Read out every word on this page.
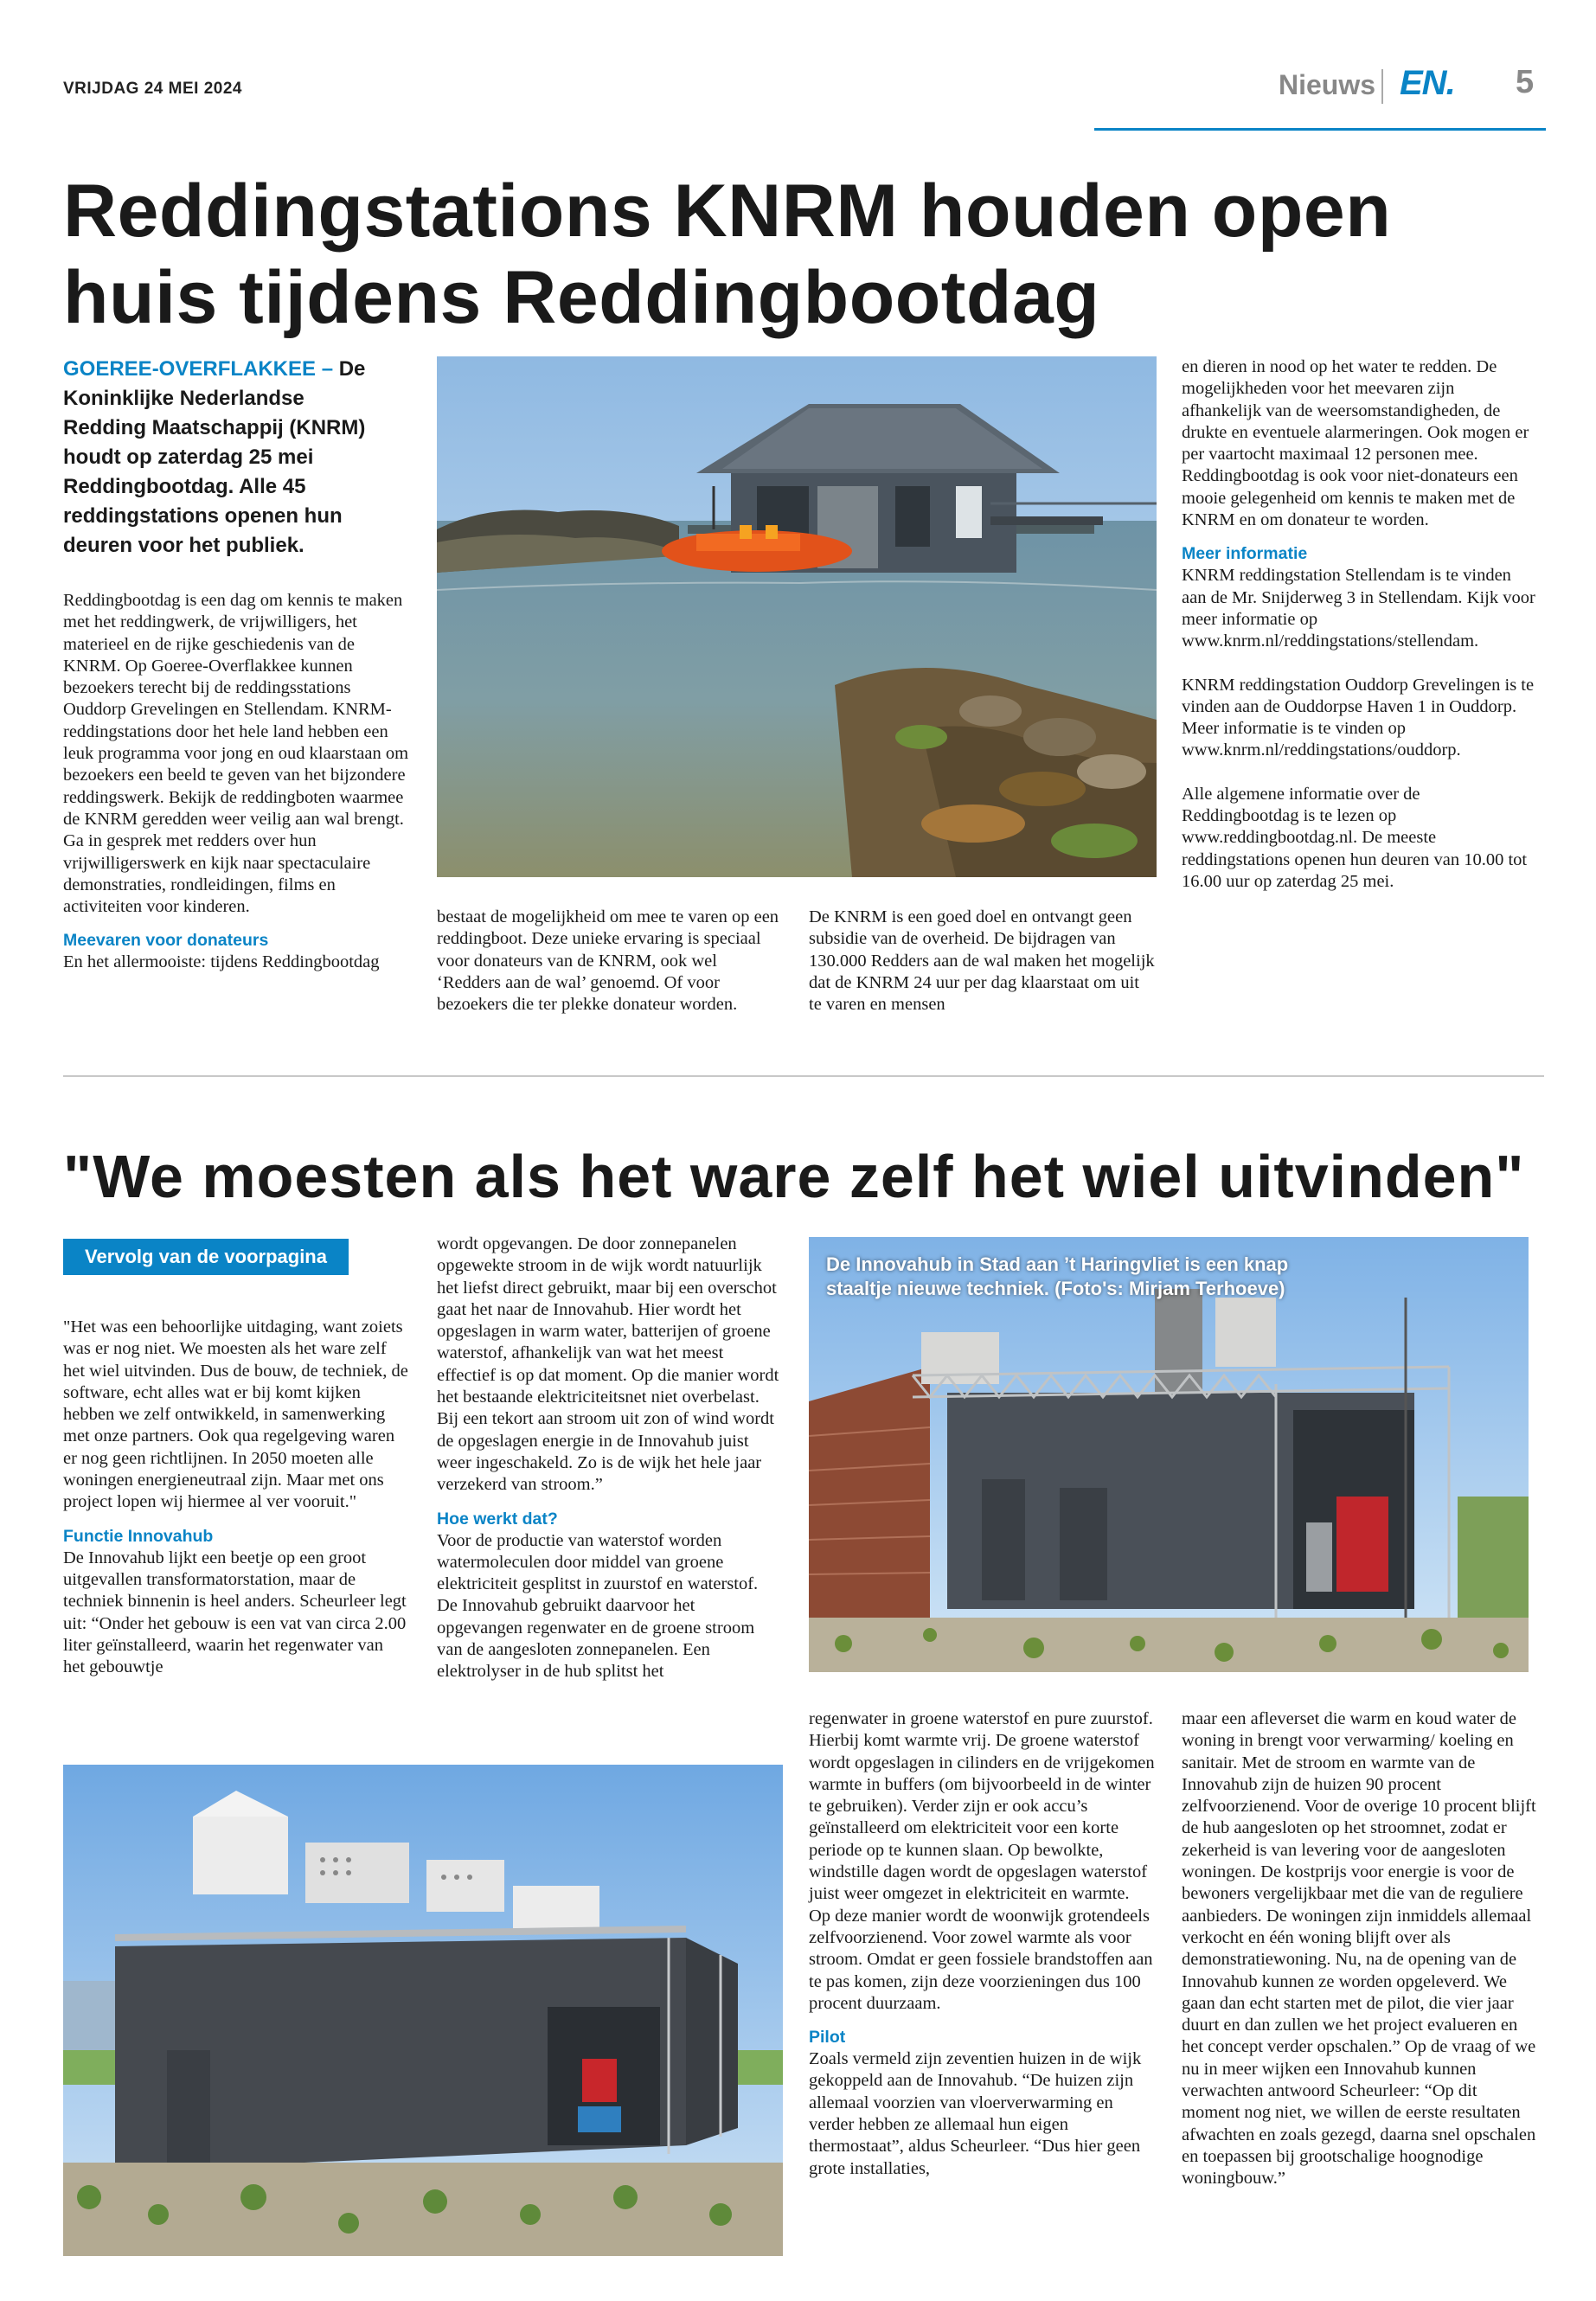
VRIJDAG 24 MEI 2024	Nieuws EN. 5
Reddingstations KNRM houden open huis tijdens Reddingbootdag
GOEREE-OVERFLAKKEE – De Koninklijke Nederlandse Redding Maatschappij (KNRM) houdt op zaterdag 25 mei Reddingbootdag. Alle 45 reddingstations openen hun deuren voor het publiek.

Reddingbootdag is een dag om kennis te maken met het reddingwerk, de vrijwilligers, het materieel en de rijke geschiedenis van de KNRM. Op Goeree-Overflakkee kunnen bezoekers terecht bij de reddingsstations Ouddorp Grevelingen en Stellendam. KNRM-reddingstations door het hele land hebben een leuk programma voor jong en oud klaarstaan om bezoekers een beeld te geven van het bijzondere reddingswerk. Bekijk de reddingboten waarmee de KNRM geredden weer veilig aan wal brengt. Ga in gesprek met redders over hun vrijwilligerswerk en kijk naar spectaculaire demonstraties, rondleidingen, films en activiteiten voor kinderen.

Meevaren voor donateurs

En het allermooiste: tijdens Reddingbootdag

bestaat de mogelijkheid om mee te varen op een reddingboot. Deze unieke ervaring is speciaal voor donateurs van de KNRM, ook wel ‘Redders aan de wal’ genoemd. Of voor bezoekers die ter plekke donateur worden.

De KNRM is een goed doel en ontvangt geen subsidie van de overheid. De bijdragen van 130.000 Redders aan de wal maken het mogelijk dat de KNRM 24 uur per dag klaarstaat om uit te varen en mensen

en dieren in nood op het water te redden. De mogelijkheden voor het meevaren zijn afhankelijk van de weersomstandigheden, de drukte en eventuele alarmeringen. Ook mogen er per vaartocht maximaal 12 personen mee. Reddingbootdag is ook voor niet-donateurs een mooie gelegenheid om kennis te maken met de KNRM en om donateur te worden.

Meer informatie

KNRM reddingstation Stellendam is te vinden aan de Mr. Snijderweg 3 in Stellendam. Kijk voor meer informatie op www.knrm.nl/reddingstations/stellendam.

KNRM reddingstation Ouddorp Grevelingen is te vinden aan de Ouddorpse Haven 1 in Ouddorp. Meer informatie is te vinden op www.knrm.nl/reddingstations/ouddorp.

Alle algemene informatie over de Reddingbootdag is te lezen op www.reddingbootdag.nl. De meeste reddingstations openen hun deuren van 10.00 tot 16.00 uur op zaterdag 25 mei.

"We moesten als het ware zelf het wiel uitvinden"
Vervolg van de voorpagina

"Het was een behoorlijke uitdaging, want zoiets was er nog niet. We moesten als het ware zelf het wiel uitvinden. Dus de bouw, de techniek, de software, echt alles wat er bij komt kijken hebben we zelf ontwikkeld, in samenwerking met onze partners. Ook qua regelgeving waren er nog geen richtlijnen. In 2050 moeten alle woningen energieneutraal zijn. Maar met ons project lopen wij hiermee al ver vooruit."

Functie Innovahub

De Innovahub lijkt een beetje op een groot uitgevallen transformatorstation, maar de techniek binnenin is heel anders. Scheurleer legt uit: “Onder het gebouw is een vat van circa 2.00 liter geïnstalleerd, waarin het regenwater van het gebouwtje

wordt opgevangen. De door zonnepanelen opgewekte stroom in de wijk wordt natuurlijk het liefst direct gebruikt, maar bij een overschot gaat het naar de Innovahub. Hier wordt het opgeslagen in warm water, batterijen of groene waterstof, afhankelijk van wat het meest effectief is op dat moment. Op die manier wordt het bestaande elektriciteitsnet niet overbelast. Bij een tekort aan stroom uit zon of wind wordt de opgeslagen energie in de Innovahub juist weer ingeschakeld. Zo is de wijk het hele jaar verzekerd van stroom.”

Hoe werkt dat?

Voor de productie van waterstof worden watermoleculen door middel van groene elektriciteit gesplitst in zuurstof en waterstof. De Innovahub gebruikt daarvoor het opgevangen regenwater en de groene stroom van de aangesloten zonnepanelen. Een elektrolyser in de hub splitst het

De Innovahub in Stad aan ’t Haringvliet is een knap staaltje nieuwe techniek. (Foto's: Mirjam Terhoeve)

regenwater in groene waterstof en pure zuurstof. Hierbij komt warmte vrij. De groene waterstof wordt opgeslagen in cilinders en de vrijgekomen warmte in buffers (om bijvoorbeeld in de winter te gebruiken). Verder zijn er ook accu’s geïnstalleerd om elektriciteit voor een korte periode op te kunnen slaan. Op bewolkte, windstille dagen wordt de opgeslagen waterstof juist weer omgezet in elektriciteit en warmte. Op deze manier wordt de woonwijk grotendeels zelfvoorzienend. Voor zowel warmte als voor stroom. Omdat er geen fossiele brandstoffen aan te pas komen, zijn deze voorzieningen dus 100 procent duurzaam.

Pilot

Zoals vermeld zijn zeventien huizen in de wijk gekoppeld aan de Innovahub. “De huizen zijn allemaal voorzien van vloerverwarming en verder hebben ze allemaal hun eigen thermostaat”, aldus Scheurleer. “Dus hier geen grote installaties,

maar een afleverset die warm en koud water de woning in brengt voor verwarming/ koeling en sanitair. Met de stroom en warmte van de Innovahub zijn de huizen 90 procent zelfvoorzienend. Voor de overige 10 procent blijft de hub aangesloten op het stroomnet, zodat er zekerheid is van levering voor de aangesloten woningen. De kostprijs voor energie is voor de bewoners vergelijkbaar met die van de reguliere aanbieders. De woningen zijn inmiddels allemaal verkocht en één woning blijft over als demonstratiewoning. Nu, na de opening van de Innovahub kunnen ze worden opgeleverd. We gaan dan echt starten met de pilot, die vier jaar duurt en dan zullen we het project evalueren en het concept verder opschalen.” Op de vraag of we nu in meer wijken een Innovahub kunnen verwachten antwoord Scheurleer: “Op dit moment nog niet, we willen de eerste resultaten afwachten en zoals gezegd, daarna snel opschalen en toepassen bij grootschalige hoognodige woningbouw.”
